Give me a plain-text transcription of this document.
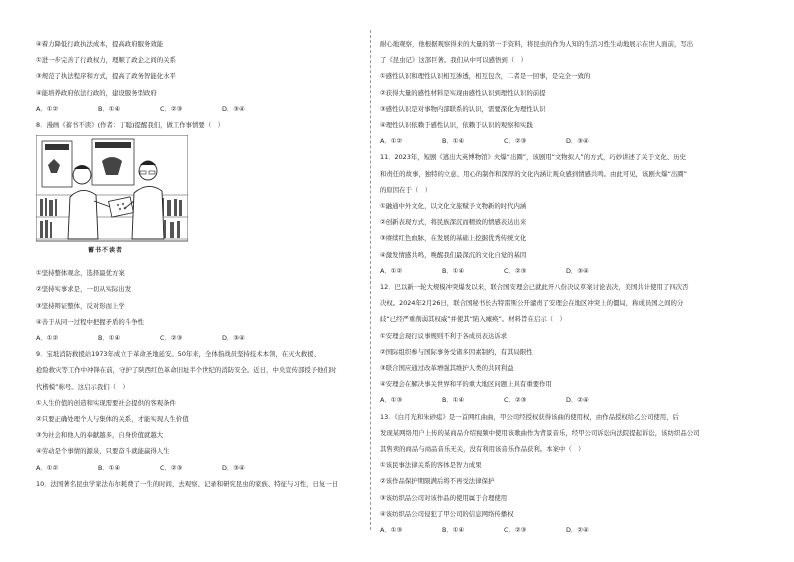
④着力降低行政执法成本，提高政府服务效能
①进一步完善了行政权力，理顺了政企之间的关系
③规范了执法程序和方式，提高了政务智能化水平
④能培养政府依法行政的，建设服务型政府
A．①②	B．①④	C．②③	D．③④
8．漫画《蓄书不读》(作者：丁聪)提醒我们，做工作事情要（　）
蓄书不读者
①坚持整体观念，选择最优方案
②坚持实事求是，一切从实际出发
③坚持辩证整体，反对形而上学
④善于从同一过程中把握矛盾的斗争性
A．①②	B．①④	C．②③	D．③④
9．宝坻消防救援站1973年成立于革命圣地延安。50年来，全体指战员坚持技术本领，在灭火救援、
抢险救灾等工作中冲锋在前，守护了陕西红色革命旧址半个世纪的消防安全。近日，中央宣传部授予他们时
代楷模”称号。这启示我们（　）
①人生价值的创造和实现需要社会提供的客观条件
②只要正确处理个人与集体的关系，才能实现人生价值
③为社会和他人的奉献越多，自身价值就越大
④劳动是个事情的源泉，只要奋斗就能赢得人生
A．①②	B．①④	C．②③	D．③④
10．法国著名昆虫学家法布尔耗费了一生的时间，去观察、记录和研究昆虫的家族、特征与习性，日复一日
耐心地观察，他根据观察得来的大量的第一手资料，将昆虫的作为人知的生活习性生动地展示在世人面前，写出
了《昆虫记》这部巨著。我们从中可以感悟到（　）
①感性认识和理性认识相互渗透，相互包含，二者是一回事，是完全一致的
②获得大量的感性材料是实现由感性认识到理性认识的前提
③感性认识是对事物内部联系的认识，需要深化为理性认识
④理性认识依赖于感性认识，依赖于认识的观察和实践
A．①②	B．①④	C．②③	D．③④
11．2023年，短剧《逃出大英博物馆》火爆“出圈”，该剧用“文物拟人”的方式，巧妙讲述了关于文化、历史
和责任的故事，独特的立意、用心的制作和深厚的文化内涵让观众感到情感共鸣。由此可见，该剧火爆“出圈”
的原因在于（　）
①融通中外文化，以文化文旅赋予文物新的时代内涵
②创新表现方式，将民族深沉而精致的情感表达出来
③赓续红色血脉，在发展的基础上挖掘优秀传统文化
④激发情感共鸣，唤醒我们最深沉的文化自觉的基因
A．①②	B．①④	C．②③	D．③④
12．巴以新一轮大规模冲突爆发以来，联合国安理会已就此开八份决议草案讨论表决，美国共计使用了四次否
决权。2024年2月26日，联合国秘书长古特雷斯公开谴责了安理会在地区冲突上的僵局，称成员国之间的分
歧“已经严重削弱其权威”并使其“陷入瘫痪”。材料旨在启示（　）
①安理会现行议事规则不利于各成员表达诉求
②国际组织参与国际事务受诸多因素制约，有其局限性
③联合国应通过改革增强其维护人类的共同利益
④安理会在解决事关世界和平的重大地区问题上具有重要作用
A．①③	B．①④	C．②③	D．②④
13．《白月光和朱砂痣》是一首网红曲曲，甲公司经授权获得该曲的使用权，由作品授权给乙公司使用，后
发现某网络用户上传的某商品介绍视频中使用该歌曲作为背景音乐，经甲公司诉讼向法院提起诉讼，该纺织品公司
其售卖的商品与商品音乐无关，没有利用该音乐作品获利。本案中（　）
①该民事法律关系的客体是智力成果
②该作品保护期限满后将不再受法律保护
③该纺织品公司对该作品的使用属于合理使用
④该纺织品公司侵犯了甲公司的信息网络传播权
A．①③	B．①④	C．②③	D．②④
